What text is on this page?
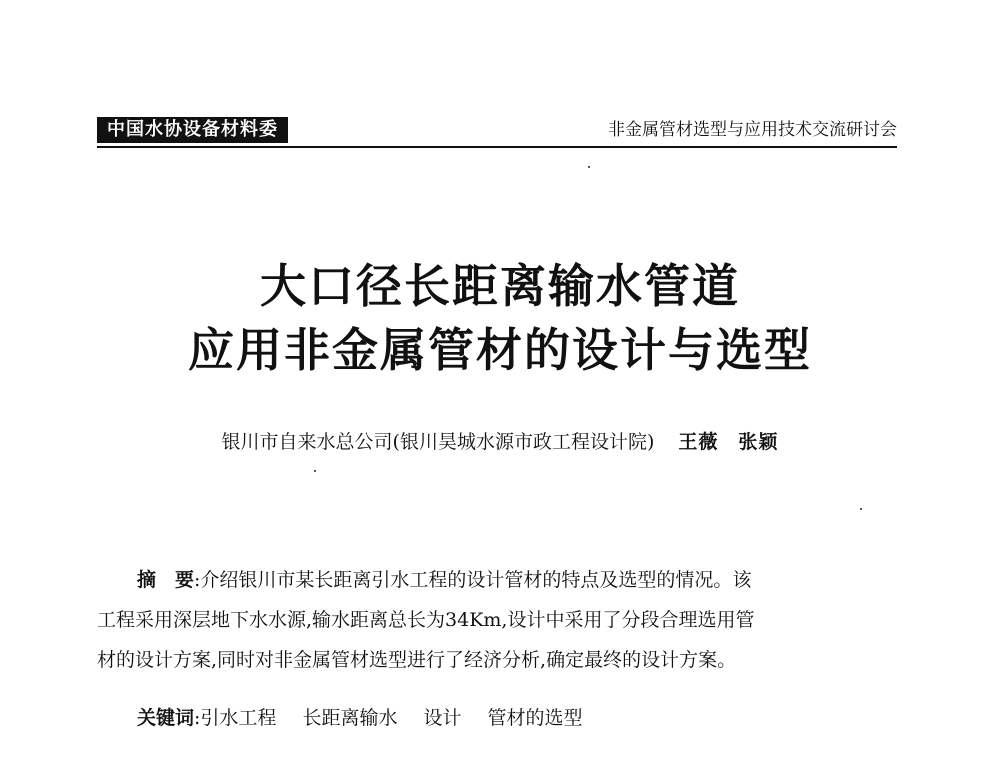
中国水协设备材料委	非金属管材选型与应用技术交流研讨会
大口径长距离输水管道
应用非金属管材的设计与选型
银川市自来水总公司(银川昊城水源市政工程设计院) 王薇　张颖
摘　要:介绍银川市某长距离引水工程的设计管材的特点及选型的情况。该
工程采用深层地下水水源,输水距离总长为34Km,设计中采用了分段合理选用管
材的设计方案,同时对非金属管材选型进行了经济分析,确定最终的设计方案。
关键词:引水工程 长距离输水 设计 管材的选型
